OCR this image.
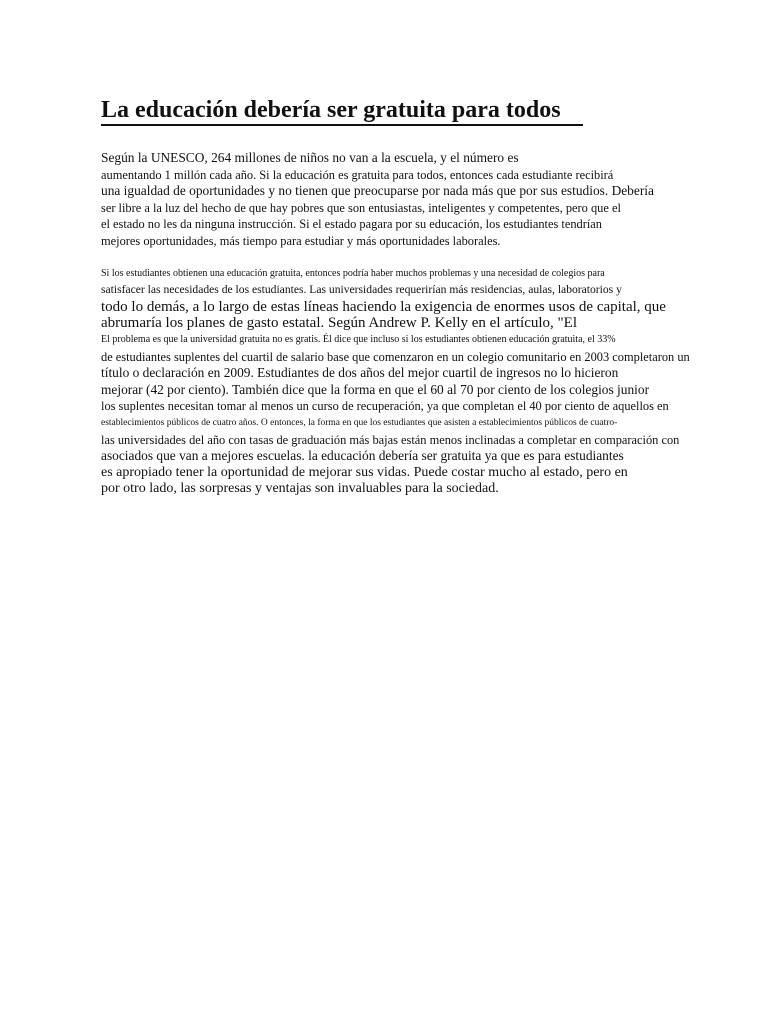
La educación debería ser gratuita para todos
Según la UNESCO, 264 millones de niños no van a la escuela, y el número es
aumentando 1 millón cada año. Si la educación es gratuita para todos, entonces cada estudiante recibirá
una igualdad de oportunidades y no tienen que preocuparse por nada más que por sus estudios. Debería
ser libre a la luz del hecho de que hay pobres que son entusiastas, inteligentes y competentes, pero que el
el estado no les da ninguna instrucción. Si el estado pagara por su educación, los estudiantes tendrían
mejores oportunidades, más tiempo para estudiar y más oportunidades laborales.
Si los estudiantes obtienen una educación gratuita, entonces podría haber muchos problemas y una necesidad de colegios para
satisfacer las necesidades de los estudiantes. Las universidades requerirían más residencias, aulas, laboratorios y
todo lo demás, a lo largo de estas líneas haciendo la exigencia de enormes usos de capital, que
abrumaría los planes de gasto estatal. Según Andrew P. Kelly en el artículo, "El
El problema es que la universidad gratuita no es gratis. Él dice que incluso si los estudiantes obtienen educación gratuita, el 33%
de estudiantes suplentes del cuartil de salario base que comenzaron en un colegio comunitario en 2003 completaron un
título o declaración en 2009. Estudiantes de dos años del mejor cuartil de ingresos no lo hicieron
mejorar (42 por ciento). También dice que la forma en que el 60 al 70 por ciento de los colegios junior
los suplentes necesitan tomar al menos un curso de recuperación, ya que completan el 40 por ciento de aquellos en
establecimientos públicos de cuatro años. O entonces, la forma en que los estudiantes que asisten a establecimientos públicos de cuatro-
las universidades del año con tasas de graduación más bajas están menos inclinadas a completar en comparación con
asociados que van a mejores escuelas. la educación debería ser gratuita ya que es para estudiantes
es apropiado tener la oportunidad de mejorar sus vidas. Puede costar mucho al estado, pero en
por otro lado, las sorpresas y ventajas son invaluables para la sociedad.
